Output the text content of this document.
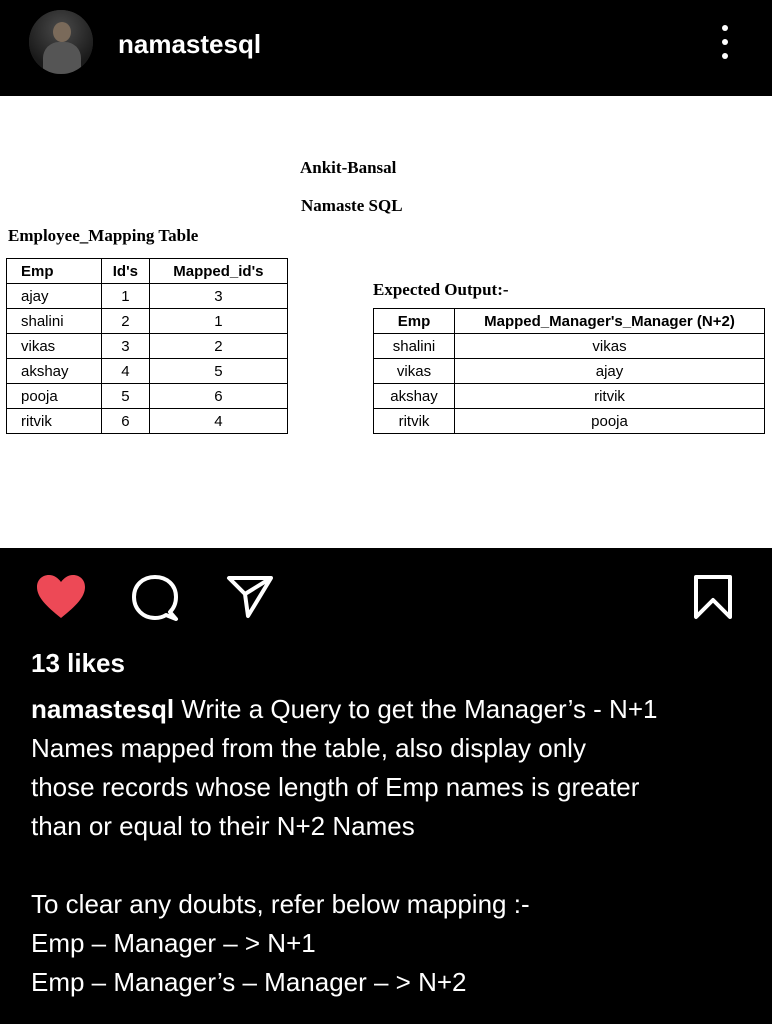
namastesql
Ankit-Bansal
Namaste SQL
Employee_Mapping Table
Emp	Id's	Mapped_id's
ajay	1	3
shalini	2	1
vikas	3	2
akshay	4	5
pooja	5	6
ritvik	6	4
Expected Output:-
Emp	Mapped_Manager's_Manager (N+2)
shalini	vikas
vikas	ajay
akshay	ritvik
ritvik	pooja
13 likes
namastesql Write a Query to get the Manager’s - N+1
Names mapped from the table, also display only
those records whose length of Emp names is greater
than or equal to their N+2 Names

To clear any doubts, refer below mapping :-
Emp – Manager – > N+1
Emp – Manager’s – Manager – > N+2
